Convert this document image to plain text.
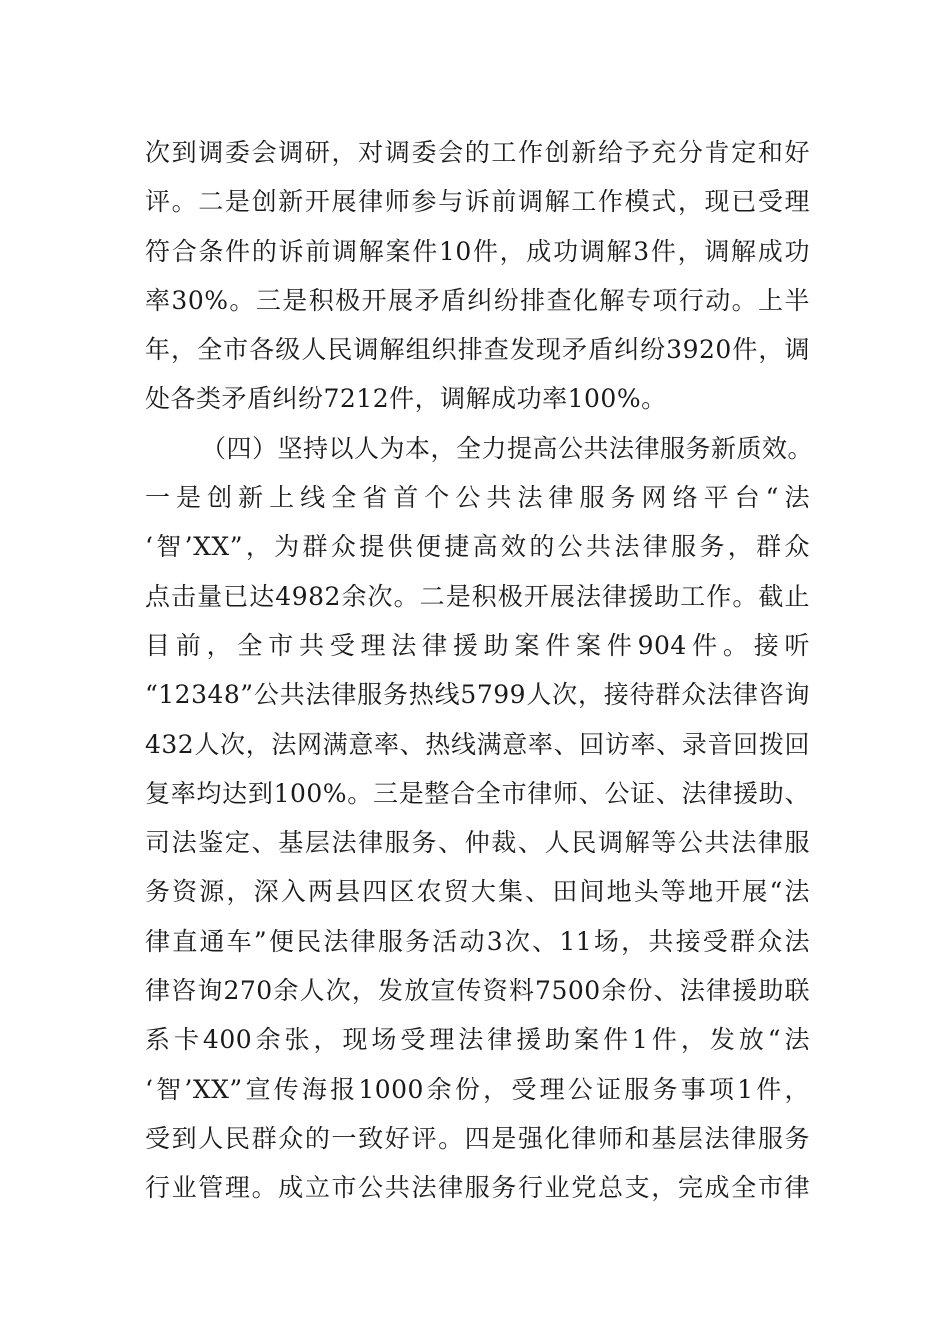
次到调委会调研，对调委会的工作创新给予充分肯定和好
评。二是创新开展律师参与诉前调解工作模式，现已受理
符合条件的诉前调解案件10件，成功调解3件，调解成功
率30%。三是积极开展矛盾纠纷排查化解专项行动。上半
年，全市各级人民调解组织排查发现矛盾纠纷3920件，调
处各类矛盾纠纷7212件，调解成功率100%。
（四）坚持以人为本，全力提高公共法律服务新质效。
一是创新上线全省首个公共法律服务网络平台“法
‘智’XX”，为群众提供便捷高效的公共法律服务，群众
点击量已达4982余次。二是积极开展法律援助工作。截止
目前，全市共受理法律援助案件案件904件。接听
“12348”公共法律服务热线5799人次，接待群众法律咨询
432人次，法网满意率、热线满意率、回访率、录音回拨回
复率均达到100%。三是整合全市律师、公证、法律援助、
司法鉴定、基层法律服务、仲裁、人民调解等公共法律服
务资源，深入两县四区农贸大集、田间地头等地开展“法
律直通车”便民法律服务活动3次、11场，共接受群众法
律咨询270余人次，发放宣传资料7500余份、法律援助联
系卡400余张，现场受理法律援助案件1件，发放“法
‘智’XX”宣传海报1000余份，受理公证服务事项1件，
受到人民群众的一致好评。四是强化律师和基层法律服务
行业管理。成立市公共法律服务行业党总支，完成全市律
